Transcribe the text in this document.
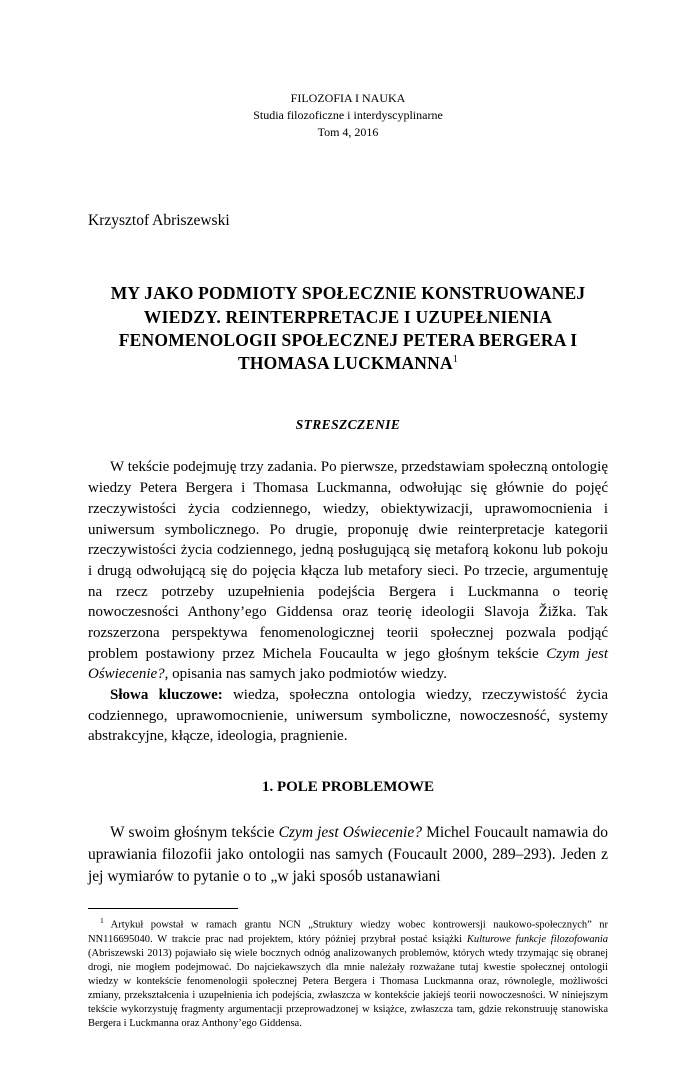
FILOZOFIA I NAUKA
Studia filozoficzne i interdyscyplinarne
Tom 4, 2016
Krzysztof Abriszewski
MY JAKO PODMIOTY SPOŁECZNIE KONSTRUOWANEJ WIEDZY. REINTERPRETACJE I UZUPEŁNIENIA FENOMENOLOGII SPOŁECZNEJ PETERA BERGERA I THOMASA LUCKMANNA$^1$
STRESZCZENIE

W tekście podejmuję trzy zadania. Po pierwsze, przedstawiam społeczną ontologię wiedzy Petera Bergera i Thomasa Luckmanna, odwołując się głównie do pojęć rzeczywistości życia codziennego, wiedzy, obiektywizacji, uprawomocnienia i uniwersum symbolicznego. Po drugie, proponuję dwie reinterpretacje kategorii rzeczywistości życia codziennego, jedną posługującą się metaforą kokonu lub pokoju i drugą odwołującą się do pojęcia kłącza lub metafory sieci. Po trzecie, argumentuję na rzecz potrzeby uzupełnienia podejścia Bergera i Luckmanna o teorię nowoczesności Anthony’ego Giddensa oraz teorię ideologii Slavoja Žižka. Tak rozszerzona perspektywa fenomenologicznej teorii społecznej pozwala podjąć problem postawiony przez Michela Foucaulta w jego głośnym tekście Czym jest Oświecenie?, opisania nas samych jako podmiotów wiedzy.

Słowa kluczowe: wiedza, społeczna ontologia wiedzy, rzeczywistość życia codziennego, uprawomocnienie, uniwersum symboliczne, nowoczesność, systemy abstrakcyjne, kłącze, ideologia, pragnienie.

1. POLE PROBLEMOWE

W swoim głośnym tekście Czym jest Oświecenie? Michel Foucault namawia do uprawiania filozofii jako ontologii nas samych (Foucault 2000, 289–293). Jeden z jej wymiarów to pytanie o to „w jaki sposób ustanawiani

$^1$ Artykuł powstał w ramach grantu NCN „Struktury wiedzy wobec kontrowersji naukowo-społecznych” nr NN116695040. W trakcie prac nad projektem, który później przybrał postać książki Kulturowe funkcje filozofowania (Abriszewski 2013) pojawiało się wiele bocznych odnóg analizowanych problemów, których wtedy trzymając się obranej drogi, nie mogłem podejmować. Do najciekawszych dla mnie należały rozważane tutaj kwestie społecznej ontologii wiedzy w kontekście fenomenologii społecznej Petera Bergera i Thomasa Luckmanna oraz, równolegle, możliwości zmiany, przekształcenia i uzupełnienia ich podejścia, zwłaszcza w kontekście jakiejś teorii nowoczesności. W niniejszym tekście wykorzystuję fragmenty argumentacji przeprowadzonej w książce, zwłaszcza tam, gdzie rekonstruuję stanowiska Bergera i Luckmanna oraz Anthony’ego Giddensa.
